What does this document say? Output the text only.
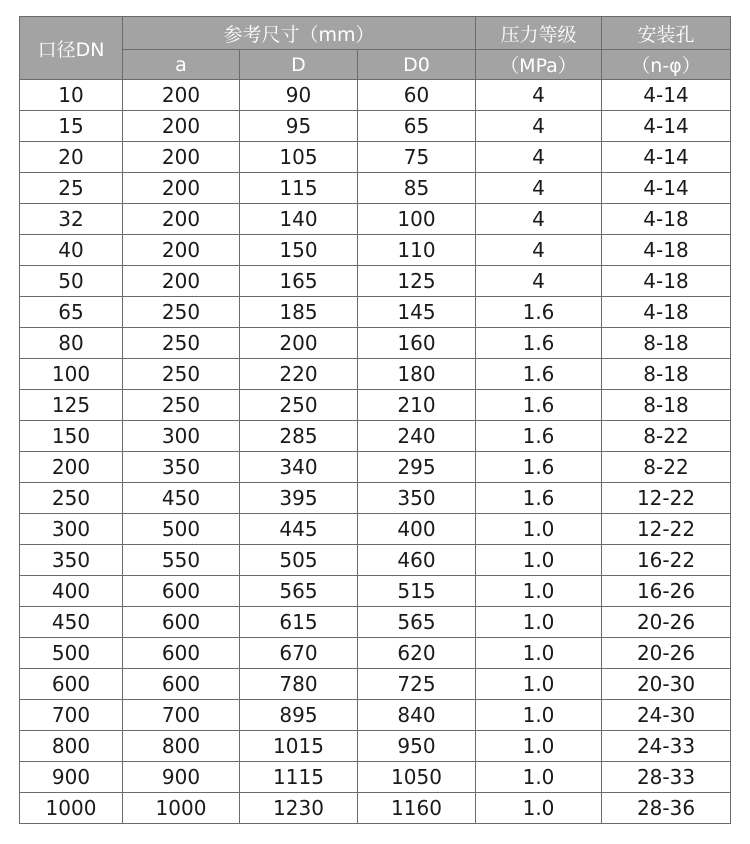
口径DN	参考尺寸（mm）			压力等级	安装孔
	a	D	D0	（MPa）	（n-φ）
10	200	90	60	4	4-14
15	200	95	65	4	4-14
20	200	105	75	4	4-14
25	200	115	85	4	4-14
32	200	140	100	4	4-18
40	200	150	110	4	4-18
50	200	165	125	4	4-18
65	250	185	145	1.6	4-18
80	250	200	160	1.6	8-18
100	250	220	180	1.6	8-18
125	250	250	210	1.6	8-18
150	300	285	240	1.6	8-22
200	350	340	295	1.6	8-22
250	450	395	350	1.6	12-22
300	500	445	400	1.0	12-22
350	550	505	460	1.0	16-22
400	600	565	515	1.0	16-26
450	600	615	565	1.0	20-26
500	600	670	620	1.0	20-26
600	600	780	725	1.0	20-30
700	700	895	840	1.0	24-30
800	800	1015	950	1.0	24-33
900	900	1115	1050	1.0	28-33
1000	1000	1230	1160	1.0	28-36
